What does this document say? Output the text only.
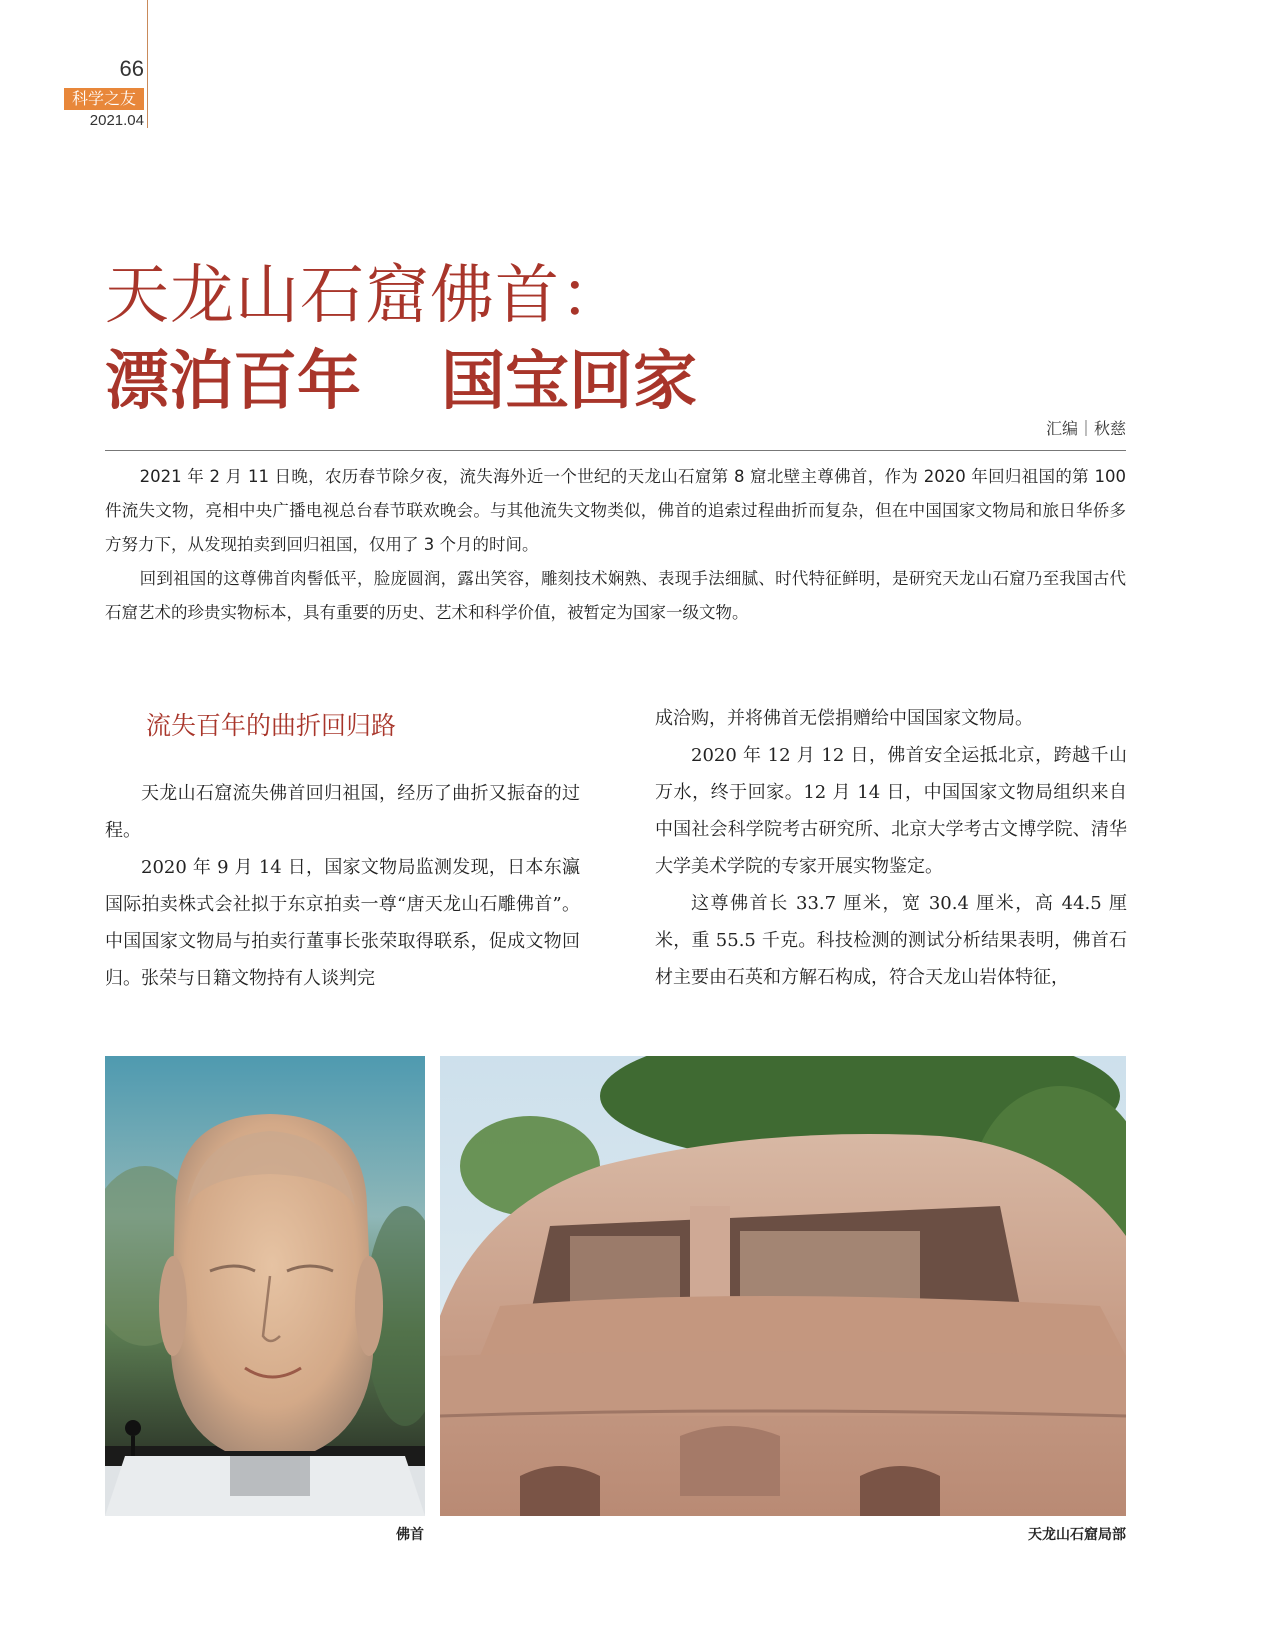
66
科学之友
2021.04
天龙山石窟佛首：
漂泊百年 国宝回家
汇编｜秋慈

2021 年 2 月 11 日晚，农历春节除夕夜，流失海外近一个世纪的天龙山石窟第 8 窟北壁主尊佛首，作为 2020 年回归祖国的第 100 件流失文物，亮相中央广播电视总台春节联欢晚会。与其他流失文物类似，佛首的追索过程曲折而复杂，但在中国国家文物局和旅日华侨多方努力下，从发现拍卖到回归祖国，仅用了 3 个月的时间。

回到祖国的这尊佛首肉髻低平，脸庞圆润，露出笑容，雕刻技术娴熟、表现手法细腻、时代特征鲜明，是研究天龙山石窟乃至我国古代石窟艺术的珍贵实物标本，具有重要的历史、艺术和科学价值，被暂定为国家一级文物。

流失百年的曲折回归路

天龙山石窟流失佛首回归祖国，经历了曲折又振奋的过程。

2020 年 9 月 14 日，国家文物局监测发现，日本东瀛国际拍卖株式会社拟于东京拍卖一尊“唐天龙山石雕佛首”。中国国家文物局与拍卖行董事长张荣取得联系，促成文物回归。张荣与日籍文物持有人谈判完

成洽购，并将佛首无偿捐赠给中国国家文物局。

2020 年 12 月 12 日，佛首安全运抵北京，跨越千山万水，终于回家。12 月 14 日，中国国家文物局组织来自中国社会科学院考古研究所、北京大学考古文博学院、清华大学美术学院的专家开展实物鉴定。

这尊佛首长 33.7 厘米，宽 30.4 厘米，高 44.5 厘米，重 55.5 千克。科技检测的测试分析结果表明，佛首石材主要由石英和方解石构成，符合天龙山岩体特征，

佛首	天龙山石窟局部
